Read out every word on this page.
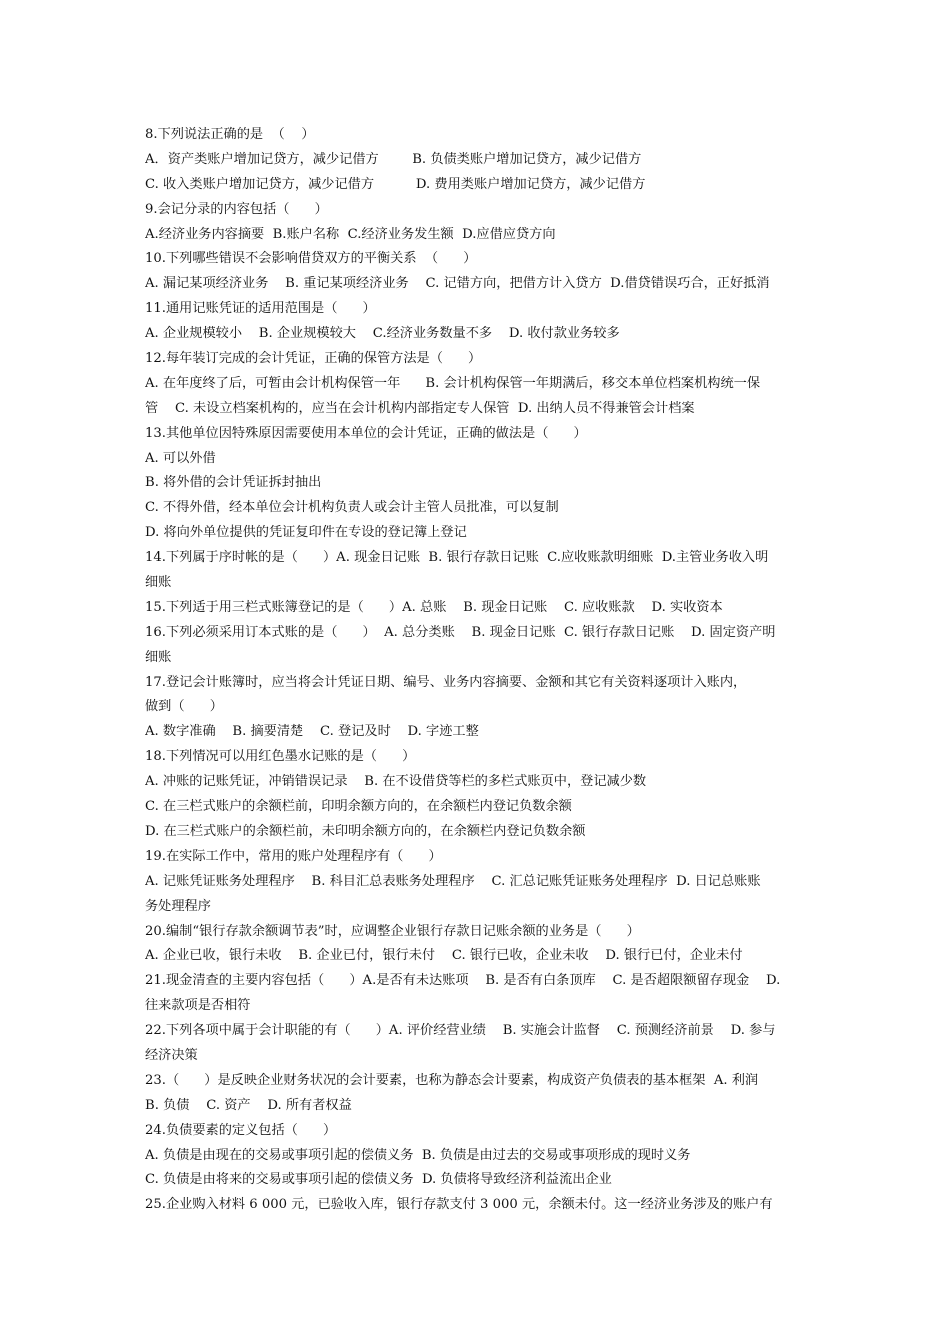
8.下列说法正确的是  （    ）
A．资产类账户增加记贷方，减少记借方        B. 负债类账户增加记贷方，减少记借方
C. 收入类账户增加记贷方，减少记借方          D. 费用类账户增加记贷方，减少记借方
9.会记分录的内容包括（      ）
A.经济业务内容摘要  B.账户名称  C.经济业务发生额  D.应借应贷方向
10.下列哪些错误不会影响借贷双方的平衡关系  （      ）
A. 漏记某项经济业务    B. 重记某项经济业务    C. 记错方向，把借方计入贷方  D.借贷错误巧合，正好抵消
11.通用记账凭证的适用范围是（      ）
A. 企业规模较小    B. 企业规模较大    C.经济业务数量不多    D. 收付款业务较多
12.每年装订完成的会计凭证，正确的保管方法是（      ）
A. 在年度终了后，可暂由会计机构保管一年      B. 会计机构保管一年期满后，移交本单位档案机构统一保
管    C. 未设立档案机构的，应当在会计机构内部指定专人保管  D. 出纳人员不得兼管会计档案
13.其他单位因特殊原因需要使用本单位的会计凭证，正确的做法是（      ）
A. 可以外借
B. 将外借的会计凭证拆封抽出
C. 不得外借，经本单位会计机构负责人或会计主管人员批准，可以复制
D. 将向外单位提供的凭证复印件在专设的登记簿上登记
14.下列属于序时帐的是（      ）A. 现金日记账  B. 银行存款日记账  C.应收账款明细账  D.主管业务收入明
细账
15.下列适于用三栏式账簿登记的是（      ）A. 总账    B. 现金日记账    C. 应收账款    D. 实收资本
16.下列必须采用订本式账的是（      ）  A. 总分类账    B. 现金日记账  C. 银行存款日记账    D. 固定资产明
细账
17.登记会计账簿时，应当将会计凭证日期、编号、业务内容摘要、金额和其它有关资料逐项计入账内，
做到（      ）
A. 数字准确    B. 摘要清楚    C. 登记及时    D. 字迹工整
18.下列情况可以用红色墨水记账的是（      ）
A. 冲账的记账凭证，冲销错误记录    B. 在不设借贷等栏的多栏式账页中，登记减少数
C. 在三栏式账户的余额栏前，印明余额方向的，在余额栏内登记负数余额
D. 在三栏式账户的余额栏前，未印明余额方向的，在余额栏内登记负数余额
19.在实际工作中，常用的账户处理程序有（      ）
A. 记账凭证账务处理程序    B. 科目汇总表账务处理程序    C. 汇总记账凭证账务处理程序  D. 日记总账账
务处理程序
20.编制“银行存款余额调节表”时，应调整企业银行存款日记账余额的业务是（      ）
A. 企业已收，银行未收    B. 企业已付，银行未付    C. 银行已收，企业未收    D. 银行已付，企业未付
21.现金清查的主要内容包括（      ）A.是否有未达账项    B. 是否有白条顶库    C. 是否超限额留存现金    D.
往来款项是否相符
22.下列各项中属于会计职能的有（      ）A. 评价经营业绩    B. 实施会计监督    C. 预测经济前景    D. 参与
经济决策
23.（      ）是反映企业财务状况的会计要素，也称为静态会计要素，构成资产负债表的基本框架  A. 利润
B. 负债    C. 资产    D. 所有者权益
24.负债要素的定义包括（      ）
A. 负债是由现在的交易或事项引起的偿债义务  B. 负债是由过去的交易或事项形成的现时义务
C. 负债是由将来的交易或事项引起的偿债义务  D. 负债将导致经济利益流出企业
25.企业购入材料 6 000 元，已验收入库，银行存款支付 3 000 元，余额未付。这一经济业务涉及的账户有
